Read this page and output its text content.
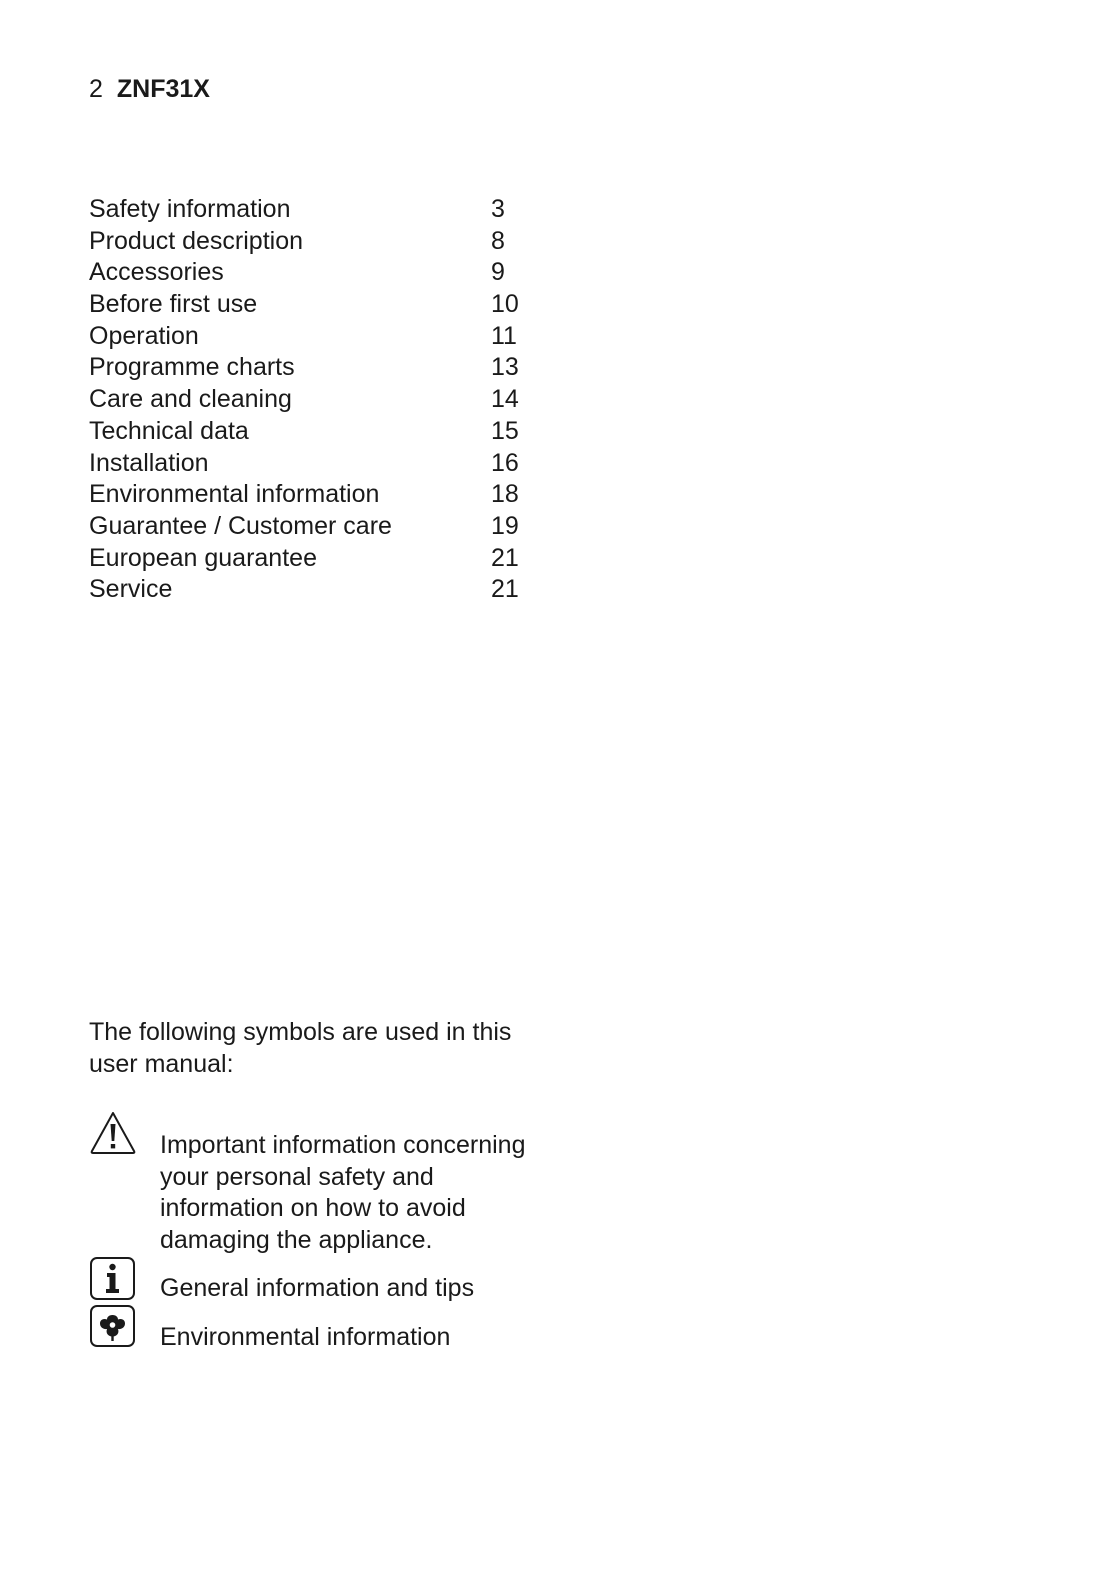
2 ZNF31X
Safety information	3
Product description	8
Accessories	9
Before first use	10
Operation	11
Programme charts	13
Care and cleaning	14
Technical data	15
Installation	16
Environmental information	18
Guarantee / Customer care	19
European guarantee	21
Service	21

The following symbols are used in this user manual:

Important information concerning your personal safety and information on how to avoid damaging the appliance.

General information and tips

Environmental information
